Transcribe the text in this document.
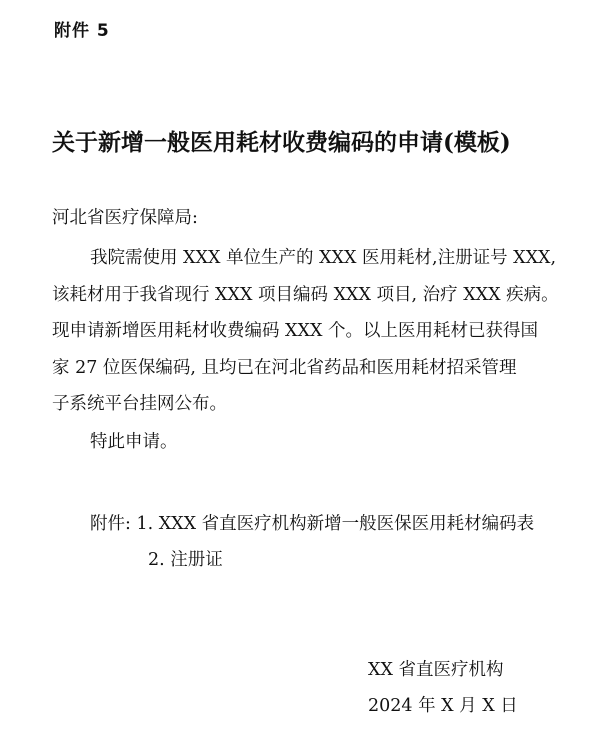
附件 5
关于新增一般医用耗材收费编码的申请(模板)
河北省医疗保障局:
我院需使用 XXX 单位生产的 XXX 医用耗材,注册证号 XXX,
该耗材用于我省现行 XXX 项目编码 XXX 项目, 治疗 XXX 疾病。
现申请新增医用耗材收费编码 XXX 个。以上医用耗材已获得国
家 27 位医保编码, 且均已在河北省药品和医用耗材招采管理
子系统平台挂网公布。
特此申请。
附件: 1. XXX 省直医疗机构新增一般医保医用耗材编码表
2. 注册证
XX 省直医疗机构
2024 年 X 月 X 日
